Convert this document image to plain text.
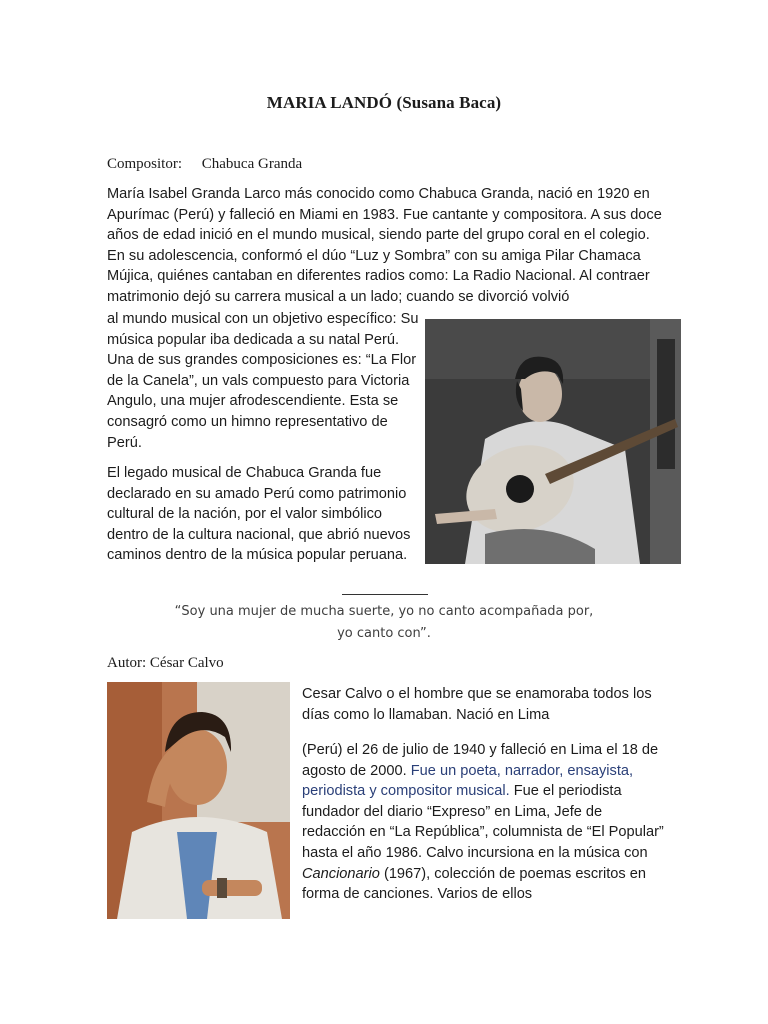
MARIA LANDÓ (Susana Baca)
Compositor: Chabuca Granda

María Isabel Granda Larco más conocido como Chabuca Granda, nació en 1920 en Apurímac (Perú) y falleció en Miami en 1983. Fue cantante y compositora. A sus doce años de edad inició en el mundo musical, siendo parte del grupo coral en el colegio. En su adolescencia, conformó el dúo “Luz y Sombra” con su amiga Pilar Chamaca Mújica, quiénes cantaban en diferentes radios como: La Radio Nacional. Al contraer matrimonio dejó su carrera musical a un lado; cuando se divorció volvió

al mundo musical con un objetivo específico: Su música popular iba dedicada a su natal Perú. Una de sus grandes composiciones es: “La Flor de la Canela”, un vals compuesto para Victoria Angulo, una mujer afrodescendiente. Esta se consagró como un himno representativo de Perú.

El legado musical de Chabuca Granda fue declarado en su amado Perú como patrimonio cultural de la nación, por el valor simbólico dentro de la cultura nacional, que abrió nuevos caminos dentro de la música popular peruana.

“Soy una mujer de mucha suerte, yo no canto acompañada por,
yo canto con”.
Autor: César Calvo

Cesar Calvo o el hombre que se enamoraba todos los días como lo llamaban. Nació en Lima

(Perú) el 26 de julio de 1940 y falleció en Lima el 18 de agosto de 2000. Fue un poeta, narrador, ensayista, periodista y compositor musical. Fue el periodista fundador del diario “Expreso” en Lima, Jefe de redacción en “La República”, columnista de “El Popular” hasta el año 1986. Calvo incursiona en la música con Cancionario (1967), colección de poemas escritos en forma de canciones. Varios de ellos
